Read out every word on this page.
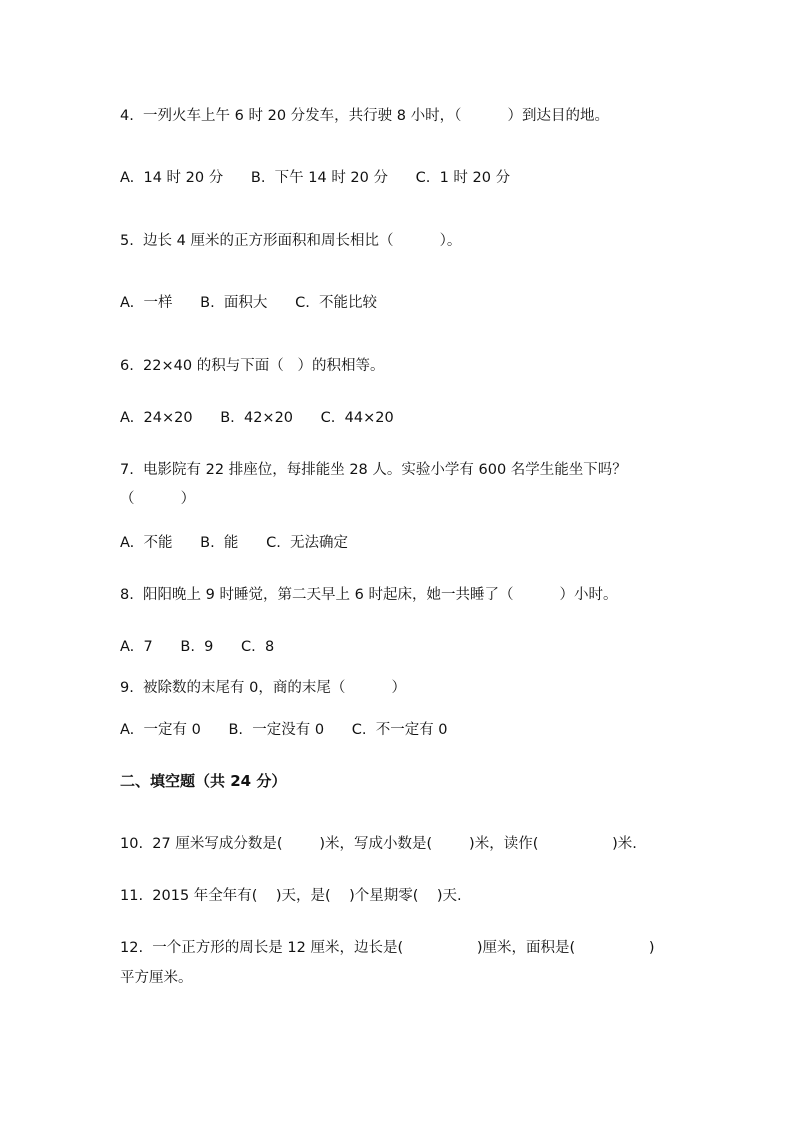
4.  一列火车上午 6 时 20 分发车，共行驶 8 小时，（          ）到达目的地。
A.  14 时 20 分      B.  下午 14 时 20 分      C.  1 时 20 分
5.  边长 4 厘米的正方形面积和周长相比（          ）。
A.  一样      B.  面积大      C.  不能比较
6.  22×40 的积与下面（   ）的积相等。
A.  24×20      B.  42×20      C.  44×20
7.  电影院有 22 排座位，每排能坐 28 人。实验小学有 600 名学生能坐下吗？
（          ）
A.  不能      B.  能      C.  无法确定
8.  阳阳晚上 9 时睡觉，第二天早上 6 时起床，她一共睡了（          ）小时。
A.  7      B.  9      C.  8
9.  被除数的末尾有 0，商的末尾（          ）
A.  一定有 0      B.  一定没有 0      C.  不一定有 0
二、填空题（共 24 分）
10.  27 厘米写成分数是(        )米，写成小数是(        )米，读作(                )米.
11.  2015 年全年有(    )天，是(    )个星期零(    )天.
12.  一个正方形的周长是 12 厘米，边长是(                )厘米，面积是(                )
平方厘米。
